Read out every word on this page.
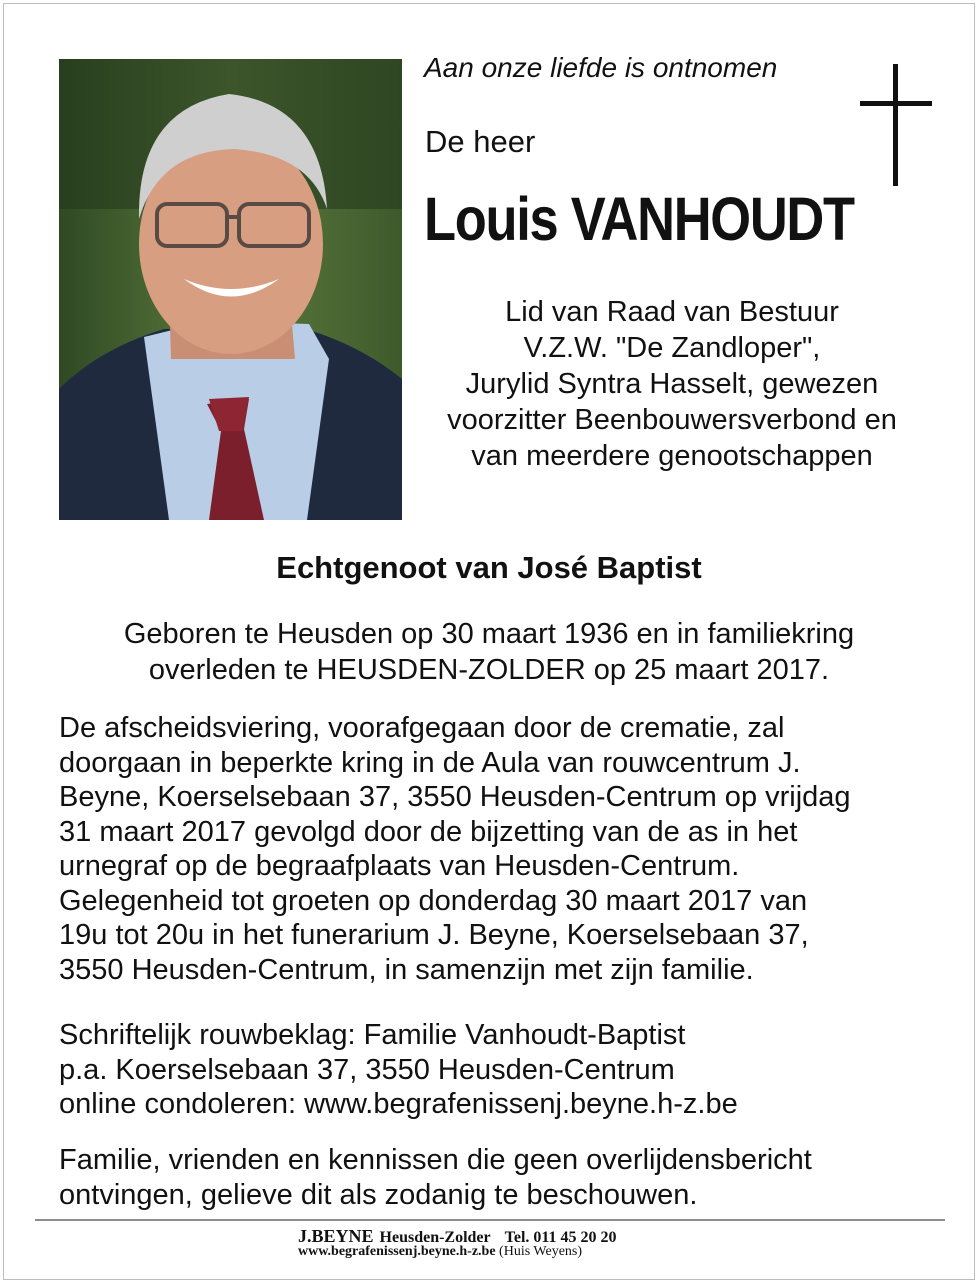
Aan onze liefde is ontnomen
De heer
Louis VANHOUDT
Lid van Raad van Bestuur
V.Z.W. "De Zandloper",
Jurylid Syntra Hasselt, gewezen
voorzitter Beenbouwersverbond en
van meerdere genootschappen
Echtgenoot van José Baptist
Geboren te Heusden op 30 maart 1936 en in familiekring
overleden te HEUSDEN-ZOLDER op 25 maart 2017.
De afscheidsviering, voorafgegaan door de crematie, zal
doorgaan in beperkte kring in de Aula van rouwcentrum J.
Beyne, Koerselsebaan 37, 3550 Heusden-Centrum op vrijdag
31 maart 2017 gevolgd door de bijzetting van de as in het
urnegraf op de begraafplaats van Heusden-Centrum.
Gelegenheid tot groeten op donderdag 30 maart 2017 van
19u tot 20u in het funerarium J. Beyne, Koerselsebaan 37,
3550 Heusden-Centrum, in samenzijn met zijn familie.
Schriftelijk rouwbeklag: Familie Vanhoudt-Baptist
p.a. Koerselsebaan 37, 3550 Heusden-Centrum
online condoleren: www.begrafenissenj.beyne.h-z.be
Familie, vrienden en kennissen die geen overlijdensbericht
ontvingen, gelieve dit als zodanig te beschouwen.
J.BEYNE Heusden-Zolder Tel. 011 45 20 20
www.begrafenissenj.beyne.h-z.be (Huis Weyens)
